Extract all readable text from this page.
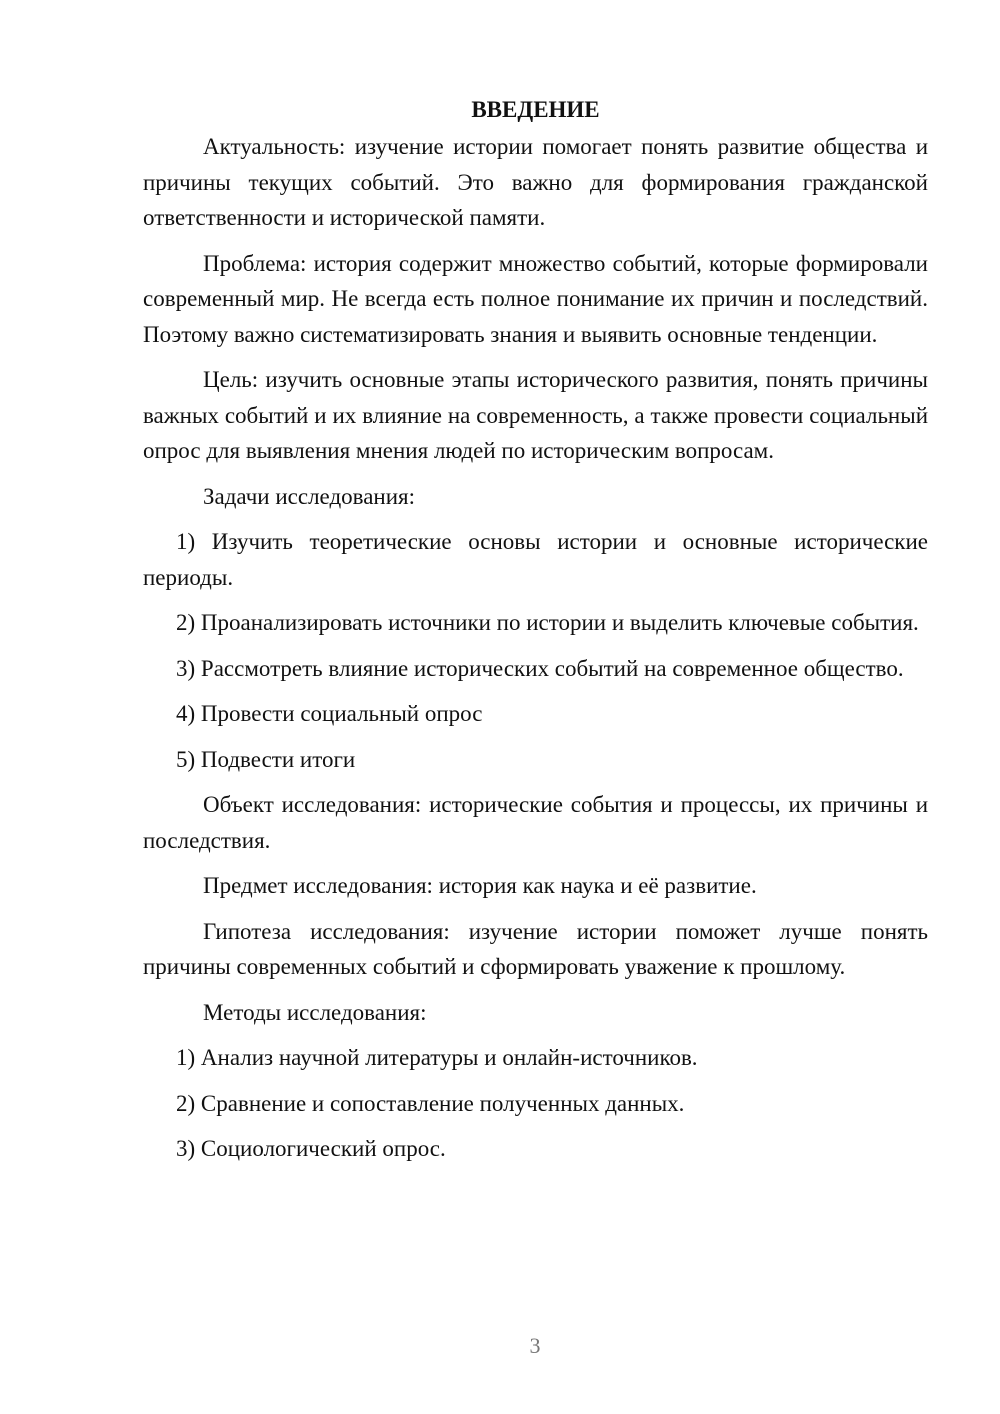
ВВЕДЕНИЕ

Актуальность: изучение истории помогает понять развитие общества и причины текущих событий. Это важно для формирования гражданской ответственности и исторической памяти.

Проблема: история содержит множество событий, которые формировали современный мир. Не всегда есть полное понимание их причин и последствий. Поэтому важно систематизировать знания и выявить основные тенденции.

Цель: изучить основные этапы исторического развития, понять причины важных событий и их влияние на современность, а также провести социальный опрос для выявления мнения людей по историческим вопросам.

Задачи исследования:

1) Изучить теоретические основы истории и основные исторические периоды.

2) Проанализировать источники по истории и выделить ключевые события.

3) Рассмотреть влияние исторических событий на современное общество.

4) Провести социальный опрос

5) Подвести итоги

Объект исследования: исторические события и процессы, их причины и последствия.

Предмет исследования: история как наука и её развитие.

Гипотеза исследования: изучение истории поможет лучше понять причины современных событий и сформировать уважение к прошлому.

Методы исследования:

1) Анализ научной литературы и онлайн-источников.

2) Сравнение и сопоставление полученных данных.

3) Социологический опрос.

3
